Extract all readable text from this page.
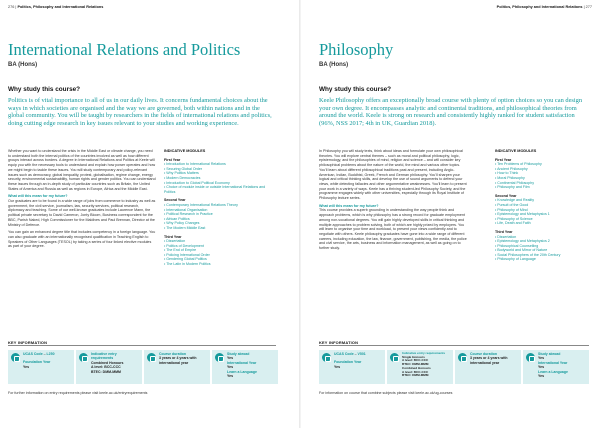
276 | Politics, Philosophy and International Relations
International Relations and Politics
BA (Hons)
Why study this course?
Politics is of vital importance to all of us in our daily lives. It concerns fundamental choices about the ways in which societies are organised and the way we are governed, both within nations and in the global community. You will be taught by researchers in the fields of international relations and politics, doing cutting edge research in key issues relevant to your studies and working experience.

Whether you want to understand the crisis in the Middle East or climate change, you need to understand both the internal politics of the countries involved as well as how different groups interact across borders. A degree in International Relations and Politics at Keele will equip you with the necessary tools to understand and explain how power operates and how we might begin to tackle these issues. You will study contemporary and policy-relevant issues such as democracy, global inequality, protest, globalisation, regime change, energy security, environmental sustainability, human rights and gender politics. You can understand these issues through an in-depth study of particular countries such as Britain, the United States of America and Russia as well as regions in Europe, Africa and the Middle East.

What will this mean for my future?

Our graduates are to be found in a wide range of jobs from commerce to industry as well as government, the civil service, journalism, law, security services, political research, diplomacy and teaching. Some of our well-known graduates include Laurence Mann, the political private secretary to David Cameron, Jonty Bloom, Business correspondent for the BBC, Parish Naked, High Commissioner for the Maldives and Paul Brennan, Director at the Ministry of Defence.

You can gain an enhanced degree title that includes competency in a foreign language. You can also graduate with an internationally recognised qualification in Teaching English to Speakers of Other Languages (TESOL) by taking a series of four linked elective modules as part of your degree.

INDICATIVE MODULES
First Year
• Introduction to International Relations
• Securing Global Order
• Why Politics Matters
• Modern Democracies
• Introduction to Global Political Economy
• Choice of module inside or outside International Relations and Politics
Second Year
• Contemporary International Relations Theory
• International Organisation
• Political Research in Practice
• African Politics
• Why Policy Changes
• The Modern Middle East
Third Year
• Dissertation
• Politics of Development
• The End of Empire
• Policing International Order
• Gendering Global Politics
• The Latin in Modern Politics
KEY INFORMATION
UCAS Code – L250
Foundation Year
Yes
Indicative entry requirements
Combined Honours
A level: BCC-CCC
BTEC: DMM-MMM
Course duration
3 years or 4 years with international year
Study abroad
Yes
International Year
Yes
Learn a Language
Yes
For further information on entry requirements please visit keele.ac.uk/entryrequirements
Politics, Philosophy and International Relations | 277
Philosophy
BA (Hons)
Why study this course?
Keele Philosophy offers an exceptionally broad course with plenty of option choices so you can design your own degree. It encompasses analytic and continental traditions, and philosophical theories from around the world. Keele is strong on research and consistently highly ranked for student satisfaction (96%, NSS 2017; 4th in UK, Guardian 2018).

In Philosophy you will study texts, think about ideas and formulate your own philosophical theories. You will explore central themes – such as moral and political philosophy, logic, epistemology, and the philosophies of mind, religion and science – and will consider key philosophical problems about the nature of the world, the mind and various other topics. You'll learn about different philosophical traditions past and present, including Anglo-American, Indian, Buddhist, Greek, French and German philosophy. You'll sharpen your logical and critical thinking skills, and develop the use of sound arguments to defend your views, while detecting fallacies and other argumentative weaknesses. You'll learn to present your work in a variety of ways. Keele has a thriving student-led Philosophy Society, and the programme engages widely with other universities, especially through its Royal Institute of Philosophy lecture series.

What will this mean for my future?

This course provides a superb grounding in understanding the way people think and approach problems, which is why philosophy has a strong record for graduate employment among non-vocational degrees. You will gain highly developed skills in critical thinking and multiple approaches to problem solving, both of which are highly prized by employers. You will learn to organise your time and workload, to present your views confidently and to negotiate with others. Keele philosophy graduates have gone into a wide range of different careers, including education, the law, finance, government, publishing, the media, the police and civil service, the arts, business and information management, as well as going on to further study.

INDICATIVE MODULES
First Year
• Ten Problems of Philosophy
• Ancient Philosophy
• How to Think
• Moral Philosophy
• Continental Philosophy
• Philosophy and Film
Second Year
• Knowledge and Reality
• Pursuit of the Good
• Philosophy of Mind
• Epistemology and Metaphysics 1
• Philosophy of Science
• Life, Death and Faith
Third Year
• Dissertation
• Epistemology and Metaphysics 2
• Philosophical Counselling
• Bodyworld and Mirror of Nature
• Social Philosophers of the 20th Century
• Philosophy of Language
KEY INFORMATION
UCAS Code – V501
Foundation Year
Yes
Indicative entry requirements
Single Honours
A level: BCC-CCC
BTEC: DMM-MMM
Combined Honours
A level: BCC-CCC
BTEC: DMM-MMM
Course duration
3 years or 4 years with international year
Study abroad
Yes
International Year
Yes
Learn a Language
Yes
For information on course that combine subjects please visit keele.ac.uk/ug-courses
